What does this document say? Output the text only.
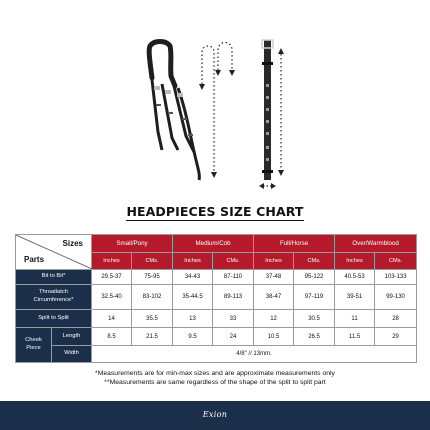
HEADPIECES SIZE CHART
Sizes
Parts		Small/Pony		Medium/Cob		Full/Horse		Over/Warmblood	
		Inches	CMs.	Inches	CMs.	Inches	CMs.	Inches	CMs.
Bit to Bit*		29.5-37	75-95	34-43	87-110	37-48	95-122	40.5-53	103-133

Throatlatch
Circumference*		32.5-40	83-102	35-44.5	89-113	38-47	97-119	39-51	99-130
Split to Split		14	35.5	13	33	12	30.5	11	28

Cheek
Piece	Length	8.5	21.5	9.5	24	10.5	26.5	11.5	29
	Width	4/8" // 13mm.							
*Measurements are for min-max sizes and are approximate measurements only
**Measurements are same regardless of the shape of the split to split part
Exion
